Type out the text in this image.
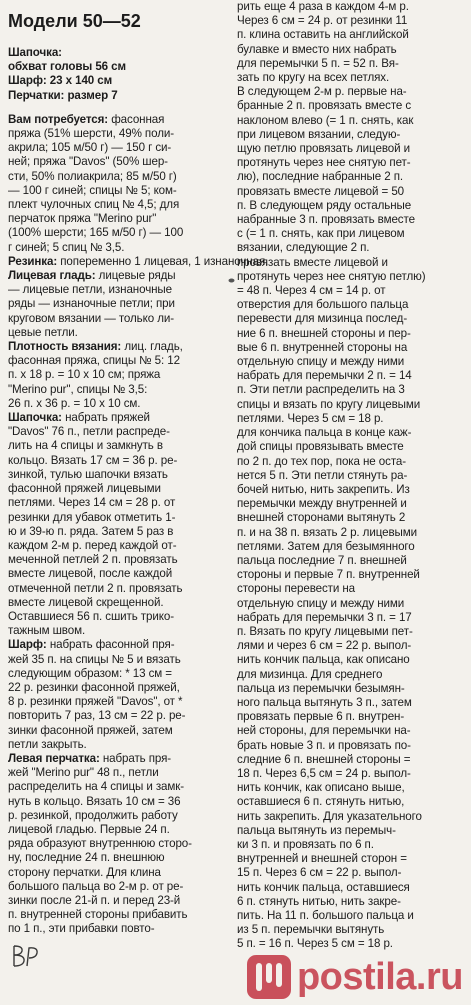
Модели 50—52
Шапочка:
обхват головы 56 см
Шарф: 23 х 140 см
Перчатки: размер 7
Вам потребуется: фасонная
пряжа (51% шерсти, 49% поли-
акрила; 105 м/50 г) — 150 г си-
ней; пряжа "Davos" (50% шер-
сти, 50% полиакрила; 85 м/50 г)
— 100 г синей; спицы № 5; ком-
плект чулочных спиц № 4,5; для
перчаток пряжа "Merino pur"
(100% шерсти; 165 м/50 г) — 100
г синей; 5 спиц № 3,5.
Резинка: попеременно 1 лицевая, 1 изнаночная.
Лицевая гладь: лицевые ряды
— лицевые петли, изнаночные
ряды — изнаночные петли; при
круговом вязании — только ли-
цевые петли.
Плотность вязания: лиц. гладь,
фасонная пряжа, спицы № 5: 12
п. х 18 р. = 10 х 10 см; пряжа
"Merino pur", спицы № 3,5:
26 п. х 36 р. = 10 х 10 см.
Шапочка: набрать пряжей
"Davos" 76 п., петли распреде-
лить на 4 спицы и замкнуть в
кольцо. Вязать 17 см = 36 р. ре-
зинкой, тулью шапочки вязать
фасонной пряжей лицевыми
петлями. Через 14 см = 28 р. от
резинки для убавок отметить 1-
ю и 39-ю п. ряда. Затем 5 раз в
каждом 2-м р. перед каждой от-
меченной петлей 2 п. провязать
вместе лицевой, после каждой
отмеченной петли 2 п. провязать
вместе лицевой скрещенной.
Оставшиеся 56 п. сшить трико-
тажным швом.
Шарф: набрать фасонной пря-
жей 35 п. на спицы № 5 и вязать
следующим образом: * 13 см =
22 р. резинки фасонной пряжей,
8 р. резинки пряжей "Davos", от *
повторить 7 раз, 13 см = 22 р. ре-
зинки фасонной пряжей, затем
петли закрыть.
Левая перчатка: набрать пря-
жей "Merino pur" 48 п., петли
распределить на 4 спицы и замк-
нуть в кольцо. Вязать 10 см = 36
р. резинкой, продолжить работу
лицевой гладью. Первые 24 п.
ряда образуют внутреннюю сторо-
ну, последние 24 п. внешнюю
сторону перчатки. Для клина
большого пальца во 2-м р. от ре-
зинки после 21-й п. и перед 23-й
п. внутренней стороны прибавить
по 1 п., эти прибавки повто-
рить еще 4 раза в каждом 4-м р.
Через 6 см = 24 р. от резинки 11
п. клина оставить на английской
булавке и вместо них набрать
для перемычки 5 п. = 52 п. Вя-
зать по кругу на всех петлях.
В следующем 2-м р. первые на-
бранные 2 п. провязать вместе с
наклоном влево (= 1 п. снять, как
при лицевом вязании, следую-
щую петлю провязать лицевой и
протянуть через нее снятую пет-
лю), последние набранные 2 п.
провязать вместе лицевой = 50
п. В следующем ряду остальные
набранные 3 п. провязать вместе
с (= 1 п. снять, как при лицевом
вязании, следующие 2 п.
провязать вместе лицевой и
протянуть через нее снятую петлю)
= 48 п. Через 4 см = 14 р. от
отверстия для большого пальца
перевести для мизинца послед-
ние 6 п. внешней стороны и пер-
вые 6 п. внутренней стороны на
отдельную спицу и между ними
набрать для перемычки 2 п. = 14
п. Эти петли распределить на 3
спицы и вязать по кругу лицевыми
петлями. Через 5 см = 18 р.
для кончика пальца в конце каж-
дой спицы провязывать вместе
по 2 п. до тех пор, пока не оста-
нется 5 п. Эти петли стянуть ра-
бочей нитью, нить закрепить. Из
перемычки между внутренней и
внешней сторонами вытянуть 2
п. и на 38 п. вязать 2 р. лицевыми
петлями. Затем для безымянного
пальца последние 7 п. внешней
стороны и первые 7 п. внутренней
стороны перевести на
отдельную спицу и между ними
набрать для перемычки 3 п. = 17
п. Вязать по кругу лицевыми пет-
лями и через 6 см = 22 р. выпол-
нить кончик пальца, как описано
для мизинца. Для среднего
пальца из перемычки безымян-
ного пальца вытянуть 3 п., затем
провязать первые 6 п. внутрен-
ней стороны, для перемычки на-
брать новые 3 п. и провязать по-
следние 6 п. внешней стороны =
18 п. Через 6,5 см = 24 р. выпол-
нить кончик, как описано выше,
оставшиеся 6 п. стянуть нитью,
нить закрепить. Для указательного
пальца вытянуть из перемыч-
ки 3 п. и провязать по 6 п.
внутренней и внешней сторон =
15 п. Через 6 см = 22 р. выпол-
нить кончик пальца, оставшиеся
6 п. стянуть нитью, нить закре-
пить. На 11 п. большого пальца и
из 5 п. перемычки вытянуть
5 п. = 16 п. Через 5 см = 18 р.
postila.ru
